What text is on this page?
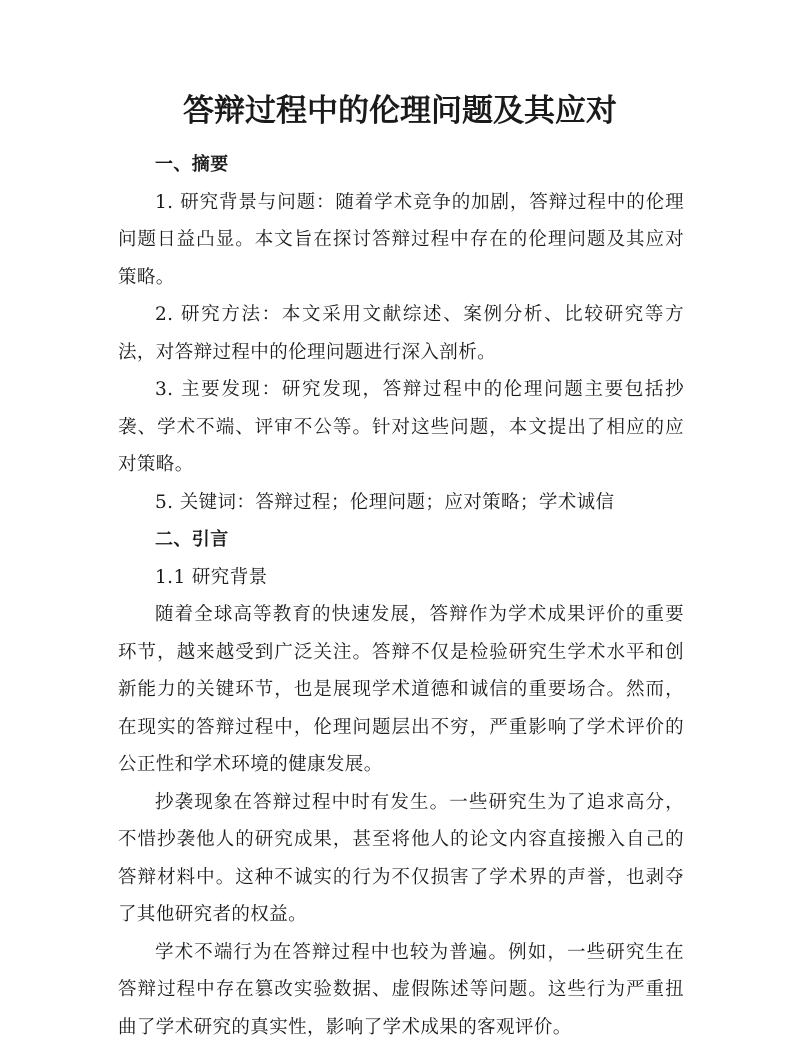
答辩过程中的伦理问题及其应对

一、摘要

1. 研究背景与问题：随着学术竞争的加剧，答辩过程中的伦理问题日益凸显。本文旨在探讨答辩过程中存在的伦理问题及其应对策略。

2. 研究方法：本文采用文献综述、案例分析、比较研究等方法，对答辩过程中的伦理问题进行深入剖析。

3. 主要发现：研究发现，答辩过程中的伦理问题主要包括抄袭、学术不端、评审不公等。针对这些问题，本文提出了相应的应对策略。

5. 关键词：答辩过程；伦理问题；应对策略；学术诚信

二、引言

1.1 研究背景

随着全球高等教育的快速发展，答辩作为学术成果评价的重要环节，越来越受到广泛关注。答辩不仅是检验研究生学术水平和创新能力的关键环节，也是展现学术道德和诚信的重要场合。然而，在现实的答辩过程中，伦理问题层出不穷，严重影响了学术评价的公正性和学术环境的健康发展。

抄袭现象在答辩过程中时有发生。一些研究生为了追求高分，不惜抄袭他人的研究成果，甚至将他人的论文内容直接搬入自己的答辩材料中。这种不诚实的行为不仅损害了学术界的声誉，也剥夺了其他研究者的权益。

学术不端行为在答辩过程中也较为普遍。例如，一些研究生在答辩过程中存在篡改实验数据、虚假陈述等问题。这些行为严重扭曲了学术研究的真实性，影响了学术成果的客观评价。
